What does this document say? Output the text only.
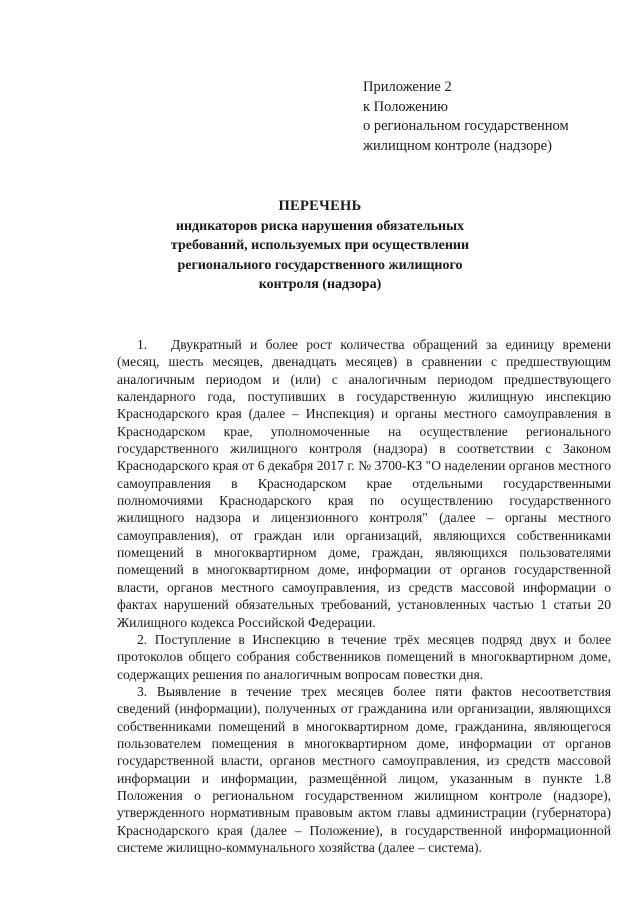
Приложение 2
к Положению
о региональном государственном
жилищном контроле (надзоре)
ПЕРЕЧЕНЬ
индикаторов риска нарушения обязательных
требований, используемых при осуществлении
регионального государственного жилищного
контроля (надзора)

1. Двукратный и более рост количества обращений за единицу времени (месяц, шесть месяцев, двенадцать месяцев) в сравнении с предшествующим аналогичным периодом и (или) с аналогичным периодом предшествующего календарного года, поступивших в государственную жилищную инспекцию Краснодарского края (далее – Инспекция) и органы местного самоуправления в Краснодарском крае, уполномоченные на осуществление регионального государственного жилищного контроля (надзора) в соответствии с Законом Краснодарского края от 6 декабря 2017 г. № 3700-КЗ "О наделении органов местного самоуправления в Краснодарском крае отдельными государственными полномочиями Краснодарского края по осуществлению государственного жилищного надзора и лицензионного контроля" (далее – органы местного самоуправления), от граждан или организаций, являющихся собственниками помещений в многоквартирном доме, граждан, являющихся пользователями помещений в многоквартирном доме, информации от органов государственной власти, органов местного самоуправления, из средств массовой информации о фактах нарушений обязательных требований, установленных частью 1 статьи 20 Жилищного кодекса Российской Федерации.

2. Поступление в Инспекцию в течение трёх месяцев подряд двух и более протоколов общего собрания собственников помещений в многоквартирном доме, содержащих решения по аналогичным вопросам повестки дня.

3. Выявление в течение трех месяцев более пяти фактов несоответствия сведений (информации), полученных от гражданина или организации, являющихся собственниками помещений в многоквартирном доме, гражданина, являющегося пользователем помещения в многоквартирном доме, информации от органов государственной власти, органов местного самоуправления, из средств массовой информации и информации, размещённой лицом, указанным в пункте 1.8 Положения о региональном государственном жилищном контроле (надзоре), утвержденного нормативным правовым актом главы администрации (губернатора) Краснодарского края (далее – Положение), в государственной информационной системе жилищно-коммунального хозяйства (далее – система).
